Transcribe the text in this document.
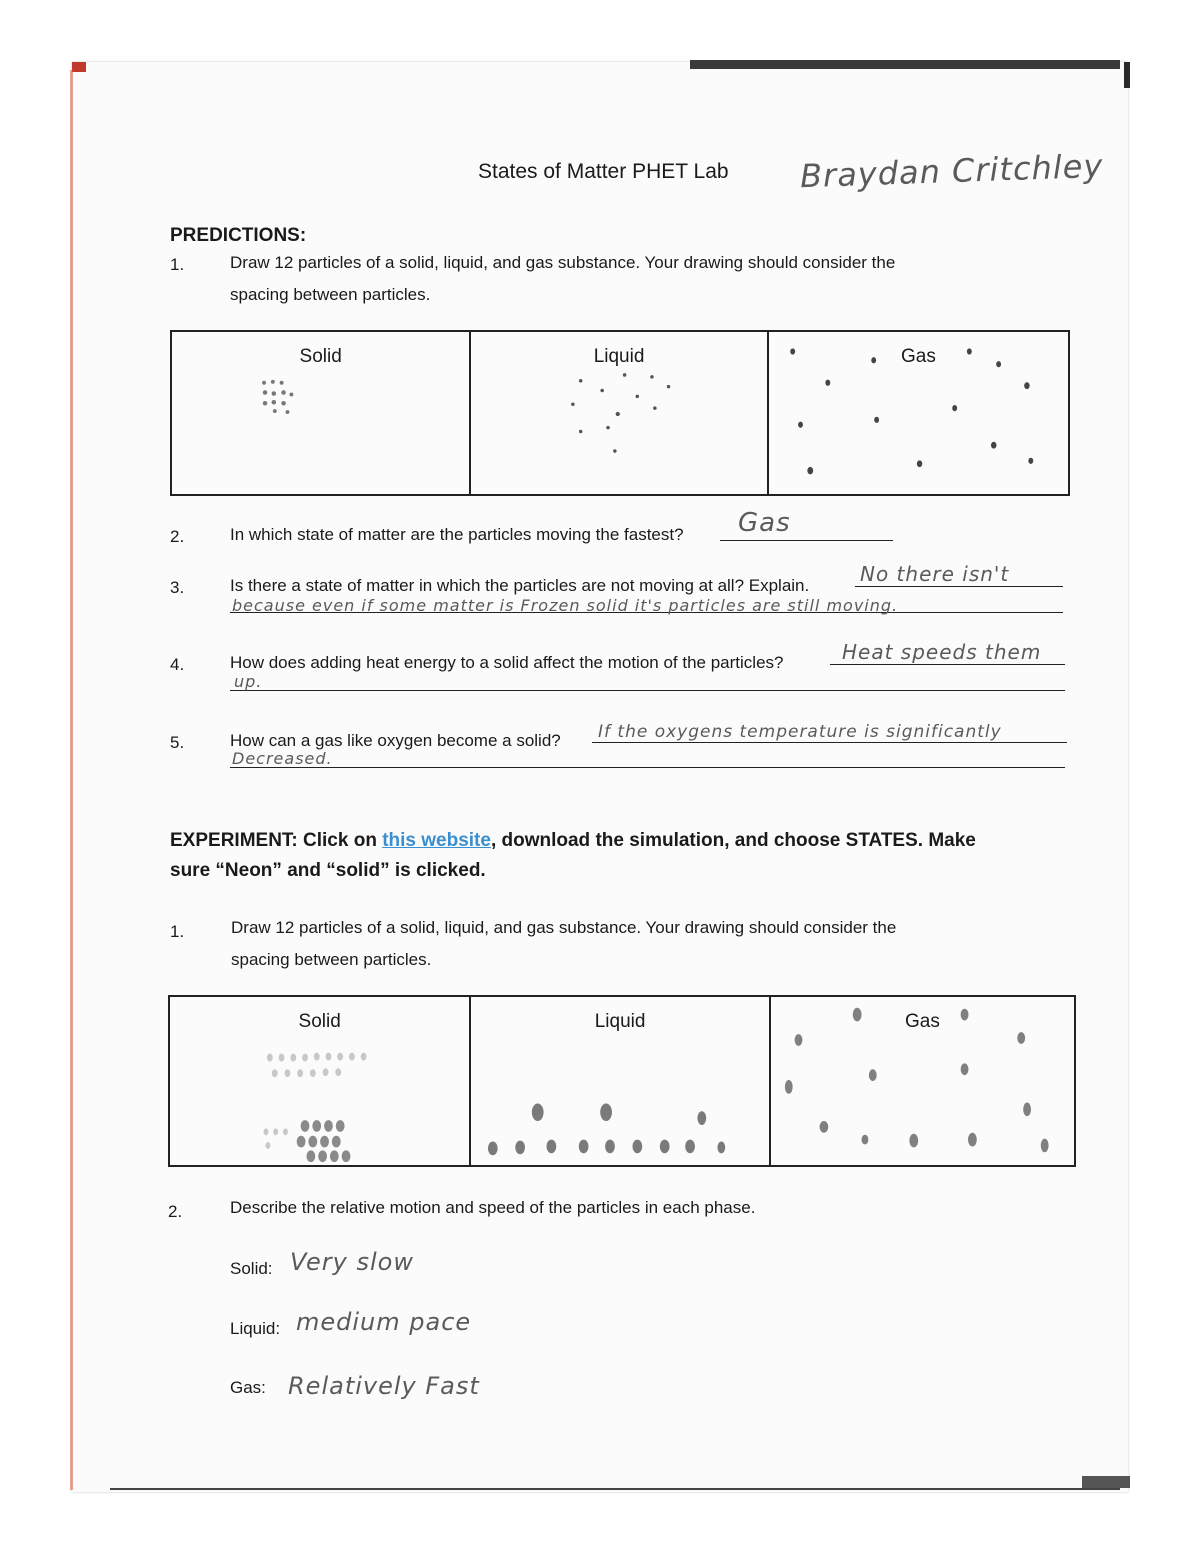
States of Matter PHET Lab Braydan Critchley
PREDICTIONS:
1.	Draw 12 particles of a solid, liquid, and gas substance. Your drawing should consider the
spacing between particles.
Solid	Liquid	Gas
2.	In which state of matter are the particles moving the fastest? Gas
3.	Is there a state of matter in which the particles are not moving at all? Explain.	No there isn't
because even if some matter is Frozen solid it's particles are still moving.
4.	How does adding heat energy to a solid affect the motion of the particles?	Heat speeds them
up.
5.	How can a gas like oxygen become a solid? If the oxygens temperature is significantly
Decreased.
EXPERIMENT: Click on this website, download the simulation, and choose STATES. Make
sure “Neon” and “solid” is clicked.
1.	Draw 12 particles of a solid, liquid, and gas substance. Your drawing should consider the
spacing between particles.
Solid	Liquid	Gas
2.	Describe the relative motion and speed of the particles in each phase.
Solid: Very slow
Liquid: medium pace
Gas: Relatively Fast
